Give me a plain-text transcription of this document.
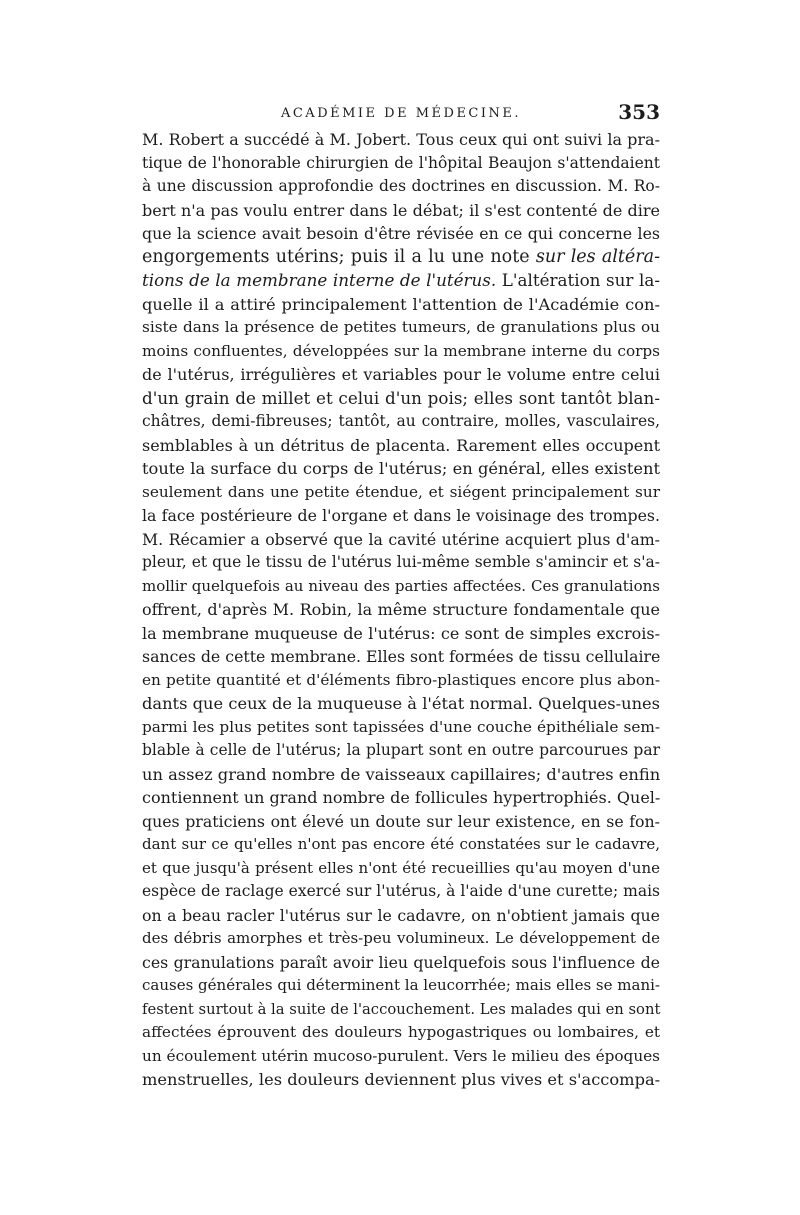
ACADÉMIE DE MÉDECINE.	353
M. Robert a succédé à M. Jobert. Tous ceux qui ont suivi la pra-
tique de l'honorable chirurgien de l'hôpital Beaujon s'attendaient
à une discussion approfondie des doctrines en discussion. M. Ro-
bert n'a pas voulu entrer dans le débat; il s'est contenté de dire
que la science avait besoin d'être révisée en ce qui concerne les
engorgements utérins; puis il a lu une note sur les altéra-
tions de la membrane interne de l'utérus. L'altération sur la-
quelle il a attiré principalement l'attention de l'Académie con-
siste dans la présence de petites tumeurs, de granulations plus ou
moins confluentes, développées sur la membrane interne du corps
de l'utérus, irrégulières et variables pour le volume entre celui
d'un grain de millet et celui d'un pois; elles sont tantôt blan-
châtres, demi-fibreuses; tantôt, au contraire, molles, vasculaires,
semblables à un détritus de placenta. Rarement elles occupent
toute la surface du corps de l'utérus; en général, elles existent
seulement dans une petite étendue, et siégent principalement sur
la face postérieure de l'organe et dans le voisinage des trompes.
M. Récamier a observé que la cavité utérine acquiert plus d'am-
pleur, et que le tissu de l'utérus lui-même semble s'amincir et s'a-
mollir quelquefois au niveau des parties affectées. Ces granulations
offrent, d'après M. Robin, la même structure fondamentale que
la membrane muqueuse de l'utérus: ce sont de simples excrois-
sances de cette membrane. Elles sont formées de tissu cellulaire
en petite quantité et d'éléments fibro-plastiques encore plus abon-
dants que ceux de la muqueuse à l'état normal. Quelques-unes
parmi les plus petites sont tapissées d'une couche épithéliale sem-
blable à celle de l'utérus; la plupart sont en outre parcourues par
un assez grand nombre de vaisseaux capillaires; d'autres enfin
contiennent un grand nombre de follicules hypertrophiés. Quel-
ques praticiens ont élevé un doute sur leur existence, en se fon-
dant sur ce qu'elles n'ont pas encore été constatées sur le cadavre,
et que jusqu'à présent elles n'ont été recueillies qu'au moyen d'une
espèce de raclage exercé sur l'utérus, à l'aide d'une curette; mais
on a beau racler l'utérus sur le cadavre, on n'obtient jamais que
des débris amorphes et très-peu volumineux. Le développement de
ces granulations paraît avoir lieu quelquefois sous l'influence de
causes générales qui déterminent la leucorrhée; mais elles se mani-
festent surtout à la suite de l'accouchement. Les malades qui en sont
affectées éprouvent des douleurs hypogastriques ou lombaires, et
un écoulement utérin mucoso-purulent. Vers le milieu des époques
menstruelles, les douleurs deviennent plus vives et s'accompa-
